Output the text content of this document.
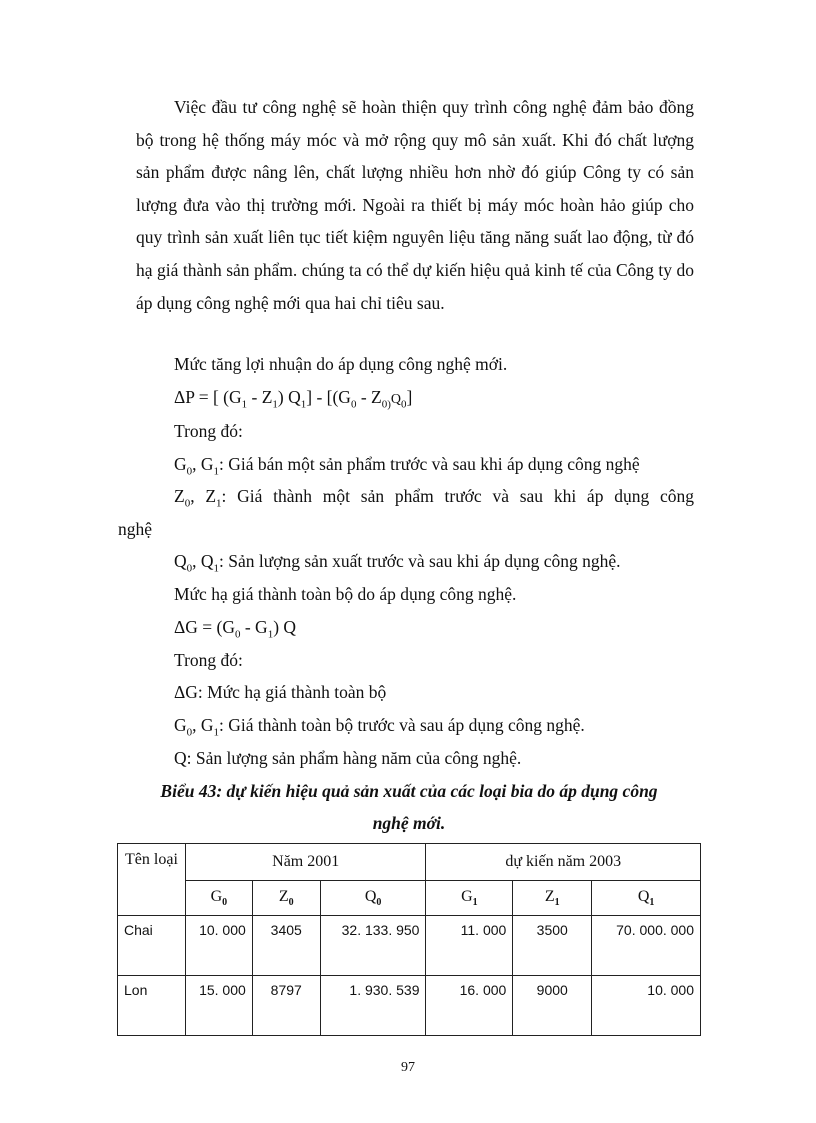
Việc đầu tư công nghệ sẽ hoàn thiện quy trình công nghệ đảm bảo đồng bộ trong hệ thống máy móc và mở rộng quy mô sản xuất. Khi đó chất lượng sản phẩm được nâng lên, chất lượng nhiều hơn nhờ đó giúp Công ty có sản lượng đưa vào thị trường mới. Ngoài ra thiết bị máy móc hoàn hảo giúp cho quy trình sản xuất liên tục tiết kiệm nguyên liệu tăng năng suất lao động, từ đó hạ giá thành sản phẩm. chúng ta có thể dự kiến hiệu quả kinh tế của Công ty do áp dụng công nghệ mới qua hai chỉ tiêu sau.

Mức tăng lợi nhuận do áp dụng công nghệ mới.
ΔP = [ $(G_1 - Z_1)$ $Q_1] - [(G_0 - Z_{0)}Q_0]$
Trong đó:
$G_0$, $G_1$: Giá bán một sản phẩm trước và sau khi áp dụng công nghệ
$Z_0$, $Z_1$: Giá thành một sản phẩm trước và sau khi áp dụng công
nghệ
$Q_0$, $Q_1$: Sản lượng sản xuất trước và sau khi áp dụng công nghệ.
Mức hạ giá thành toàn bộ do áp dụng công nghệ.
$\Delta G = (G_0 - G_1)$ Q
Trong đó:
ΔG: Mức hạ giá thành toàn bộ
$G_0$, $G_1$: Giá thành toàn bộ trước và sau áp dụng công nghệ.
Q: Sản lượng sản phẩm hàng năm của công nghệ.
Biểu 43: dự kiến hiệu quả sản xuất của các loại bia do áp dụng công
nghệ mới.
Tên loại	Năm 2001			dự kiến năm 2003		
	$G_0$	$Z_0$	$Q_0$	$G_1$	$Z_1$	$Q_1$
Chai	10. 000	3405	32. 133. 950	11. 000	3500	70. 000. 000
Lon	15. 000	8797	1. 930. 539	16. 000	9000	10. 000
97
